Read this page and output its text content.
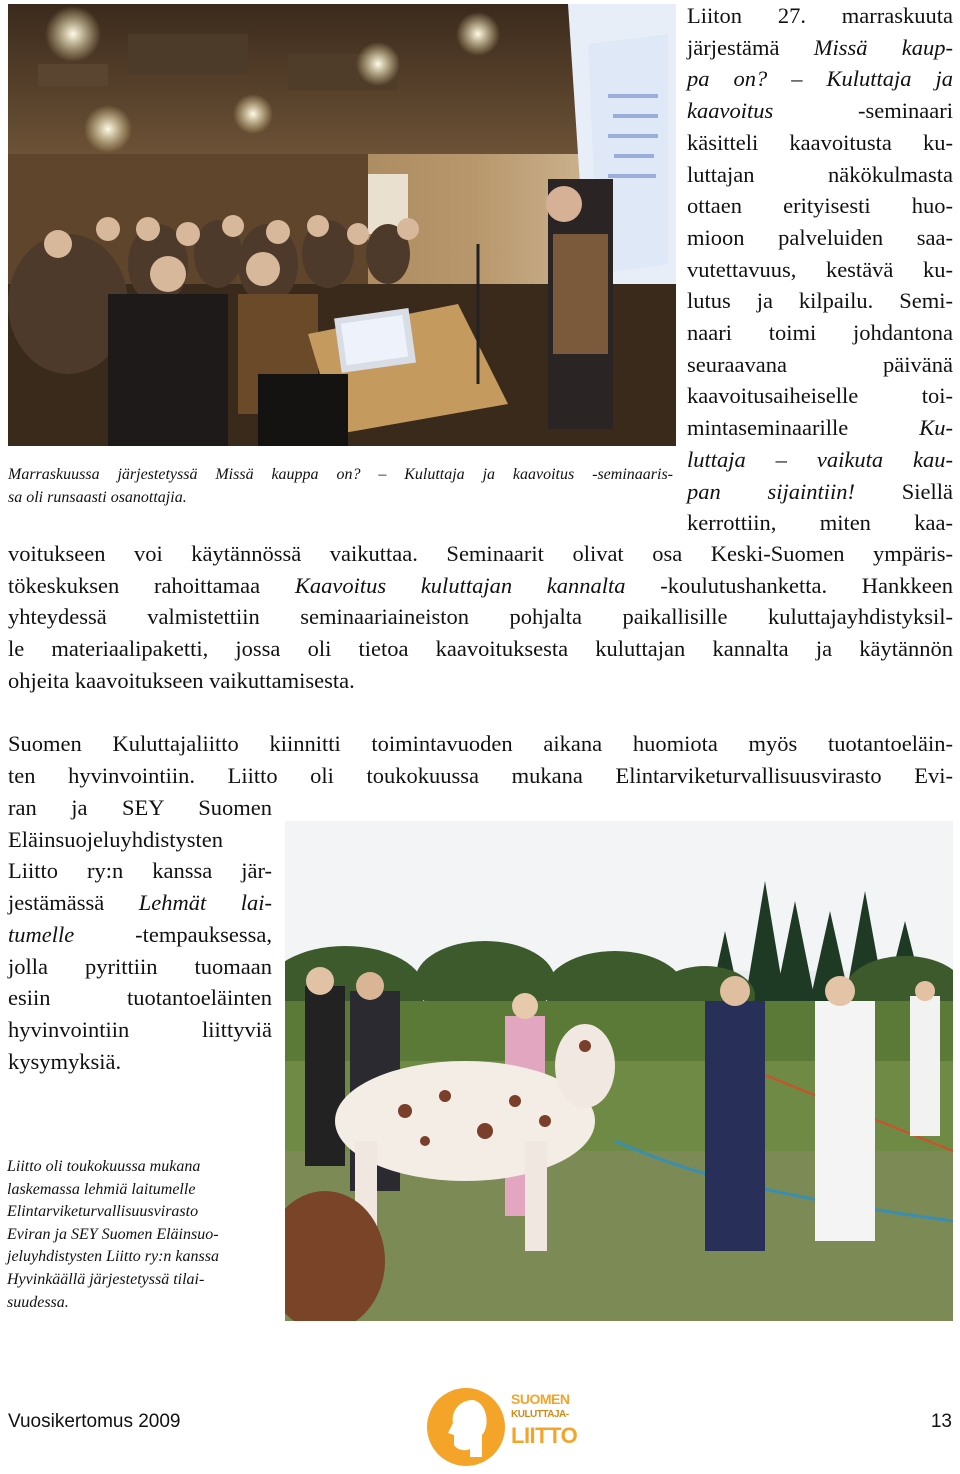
Marraskuussa järjestetyssä Missä kauppa on? – Kuluttaja ja kaavoitus -seminaaris-
sa oli runsaasti osanottajia.
Liiton 27. marraskuuta
järjestämä Missä kaup-
pa on? – Kuluttaja ja
kaavoitus -seminaari
käsitteli kaavoitusta ku-
luttajan näkökulmasta
ottaen erityisesti huo-
mioon palveluiden saa-
vutettavuus, kestävä ku-
lutus ja kilpailu. Semi-
naari toimi johdantona
seuraavana päivänä
kaavoitusaiheiselle toi-
mintaseminaarille Ku-
luttaja – vaikuta kau-
pan sijaintiin! Siellä
kerrottiin, miten kaa-
voitukseen voi käytännössä vaikuttaa. Seminaarit olivat osa Keski-Suomen ympäris-
tökeskuksen rahoittamaa Kaavoitus kuluttajan kannalta -koulutushanketta. Hankkeen
yhteydessä valmistettiin seminaariaineiston pohjalta paikallisille kuluttajayhdistyksil-
le materiaalipaketti, jossa oli tietoa kaavoituksesta kuluttajan kannalta ja käytännön
ohjeita kaavoitukseen vaikuttamisesta.
Suomen Kuluttajaliitto kiinnitti toimintavuoden aikana huomiota myös tuotantoeläin-
ten hyvinvointiin. Liitto oli toukokuussa mukana Elintarviketurvallisuusvirasto Evi-
ran ja SEY Suomen
Eläinsuojeluyhdistysten
Liitto ry:n kanssa jär-
jestämässä Lehmät lai-
tumelle -tempauksessa,
jolla pyrittiin tuomaan
esiin tuotantoeläinten
hyvinvointiin liittyviä
kysymyksiä.
Liitto oli toukokuussa mukana
laskemassa lehmiä laitumelle
Elintarviketurvallisuusvirasto
Eviran ja SEY Suomen Eläinsuo-
jeluyhdistysten Liitto ry:n kanssa
Hyvinkäällä järjestetyssä tilai-
suudessa.
Vuosikertomus 2009	13
SUOMEN
KULUTTAJA-
LIITTO
